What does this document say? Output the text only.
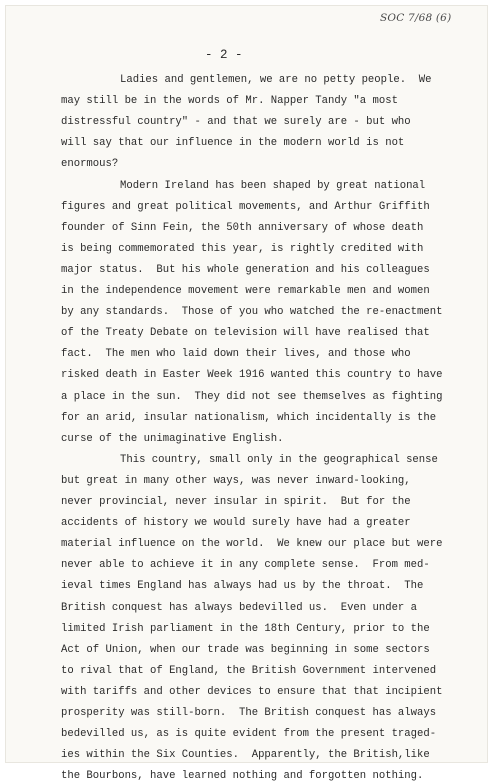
SOC 7/68 (6)
- 2 -
Ladies and gentlemen, we are no petty people.  We
may still be in the words of Mr. Napper Tandy "a most
distressful country" - and that we surely are - but who
will say that our influence in the modern world is not
enormous?
Modern Ireland has been shaped by great national
figures and great political movements, and Arthur Griffith
founder of Sinn Fein, the 50th anniversary of whose death
is being commemorated this year, is rightly credited with
major status.  But his whole generation and his colleagues
in the independence movement were remarkable men and women
by any standards.  Those of you who watched the re-enactment
of the Treaty Debate on television will have realised that
fact.  The men who laid down their lives, and those who
risked death in Easter Week 1916 wanted this country to have
a place in the sun.  They did not see themselves as fighting
for an arid, insular nationalism, which incidentally is the
curse of the unimaginative English.
This country, small only in the geographical sense
but great in many other ways, was never inward-looking,
never provincial, never insular in spirit.  But for the
accidents of history we would surely have had a greater
material influence on the world.  We knew our place but were
never able to achieve it in any complete sense.  From med-
ieval times England has always had us by the throat.  The
British conquest has always bedevilled us.  Even under a
limited Irish parliament in the 18th Century, prior to the
Act of Union, when our trade was beginning in some sectors
to rival that of England, the British Government intervened
with tariffs and other devices to ensure that that incipient
prosperity was still-born.  The British conquest has always
bedevilled us, as is quite evident from the present traged-
ies within the Six Counties.  Apparently, the British,like
the Bourbons, have learned nothing and forgotten nothing.
